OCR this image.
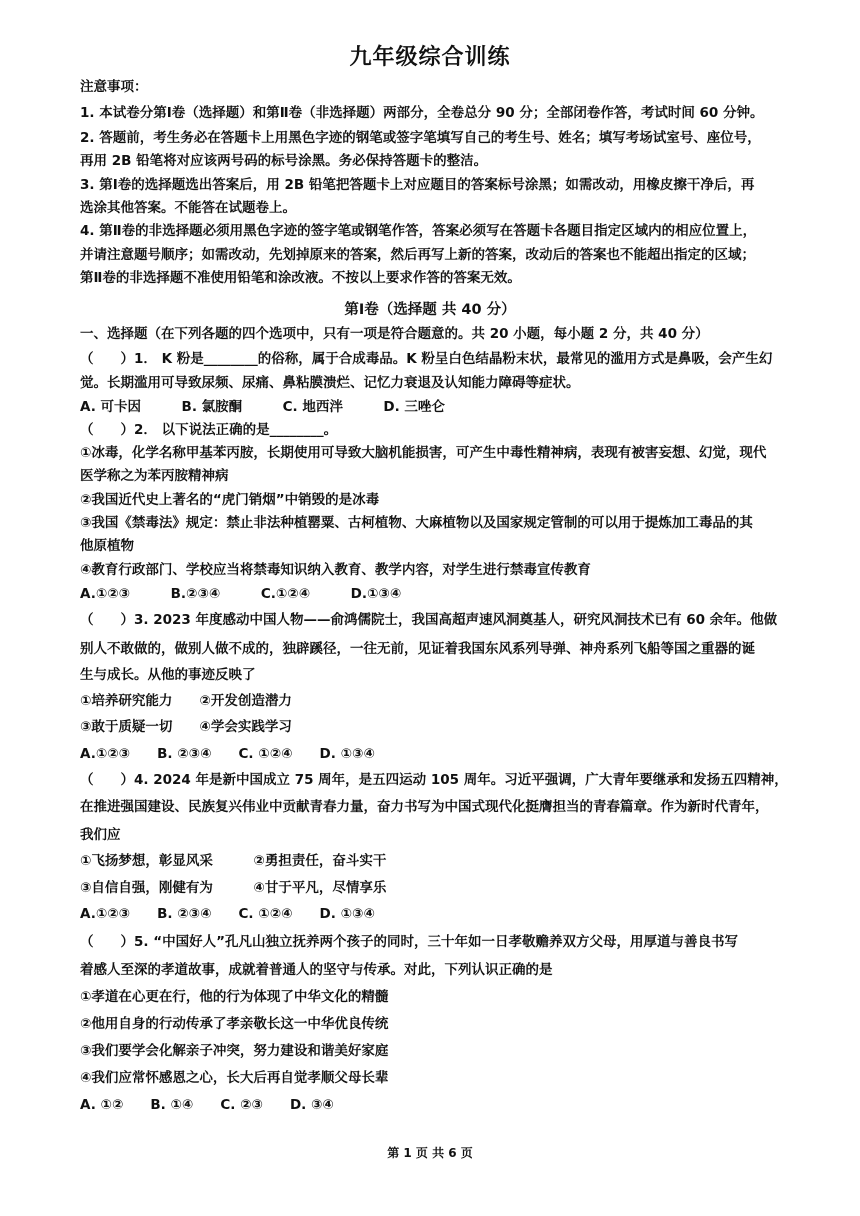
九年级综合训练
注意事项：
1. 本试卷分第Ⅰ卷（选择题）和第Ⅱ卷（非选择题）两部分，全卷总分 90 分；全部闭卷作答，考试时间 60 分钟。
2. 答题前，考生务必在答题卡上用黑色字迹的钢笔或签字笔填写自己的考生号、姓名；填写考场试室号、座位号，
再用 2B 铅笔将对应该两号码的标号涂黑。务必保持答题卡的整洁。
3. 第Ⅰ卷的选择题选出答案后，用 2B 铅笔把答题卡上对应题目的答案标号涂黑；如需改动，用橡皮擦干净后，再
选涂其他答案。不能答在试题卷上。
4. 第Ⅱ卷的非选择题必须用黑色字迹的签字笔或钢笔作答，答案必须写在答题卡各题目指定区域内的相应位置上，
并请注意题号顺序；如需改动，先划掉原来的答案，然后再写上新的答案，改动后的答案也不能超出指定的区域；
第Ⅱ卷的非选择题不准使用铅笔和涂改液。不按以上要求作答的答案无效。
第Ⅰ卷（选择题 共 40 分）
一、选择题（在下列各题的四个选项中，只有一项是符合题意的。共 20 小题，每小题 2 分，共 40 分）
（　　）1． K 粉是________的俗称，属于合成毒品。K 粉呈白色结晶粉末状，最常见的滥用方式是鼻吸，会产生幻
觉。长期滥用可导致尿频、尿痛、鼻粘膜溃烂、记忆力衰退及认知能力障碍等症状。
A. 可卡因　　　B. 氯胺酮　　　C. 地西泮　　　D. 三唑仑
（　　）2． 以下说法正确的是________。
①冰毒，化学名称甲基苯丙胺，长期使用可导致大脑机能损害，可产生中毒性精神病，表现有被害妄想、幻觉，现代
医学称之为苯丙胺精神病
②我国近代史上著名的“虎门销烟”中销毁的是冰毒
③我国《禁毒法》规定：禁止非法种植罂粟、古柯植物、大麻植物以及国家规定管制的可以用于提炼加工毒品的其
他原植物
④教育行政部门、学校应当将禁毒知识纳入教育、教学内容，对学生进行禁毒宣传教育
A.①②③　　　B.②③④　　　C.①②④　　　D.①③④
（　　）3. 2023 年度感动中国人物——俞鸿儒院士，我国高超声速风洞奠基人，研究风洞技术已有 60 余年。他做
别人不敢做的，做别人做不成的，独辟蹊径，一往无前，见证着我国东风系列导弹、神舟系列飞船等国之重器的诞
生与成长。从他的事迹反映了
①培养研究能力　　②开发创造潜力
③敢于质疑一切　　④学会实践学习
A.①②③　　B. ②③④　　C. ①②④　　D. ①③④
（　　）4. 2024 年是新中国成立 75 周年，是五四运动 105 周年。习近平强调，广大青年要继承和发扬五四精神，
在推进强国建设、民族复兴伟业中贡献青春力量，奋力书写为中国式现代化挺膺担当的青春篇章。作为新时代青年，
我们应
①飞扬梦想，彰显风采　　　②勇担责任，奋斗实干
③自信自强，刚健有为　　　④甘于平凡，尽情享乐
A.①②③　　B. ②③④　　C. ①②④　　D. ①③④
（　　）5. “中国好人”孔凡山独立抚养两个孩子的同时，三十年如一日孝敬赡养双方父母，用厚道与善良书写
着感人至深的孝道故事，成就着普通人的坚守与传承。对此，下列认识正确的是
①孝道在心更在行，他的行为体现了中华文化的精髓
②他用自身的行动传承了孝亲敬长这一中华优良传统
③我们要学会化解亲子冲突，努力建设和谐美好家庭
④我们应常怀感恩之心，长大后再自觉孝顺父母长辈
A. ①②　　B. ①④　　C. ②③　　D. ③④
第 1 页 共 6 页
